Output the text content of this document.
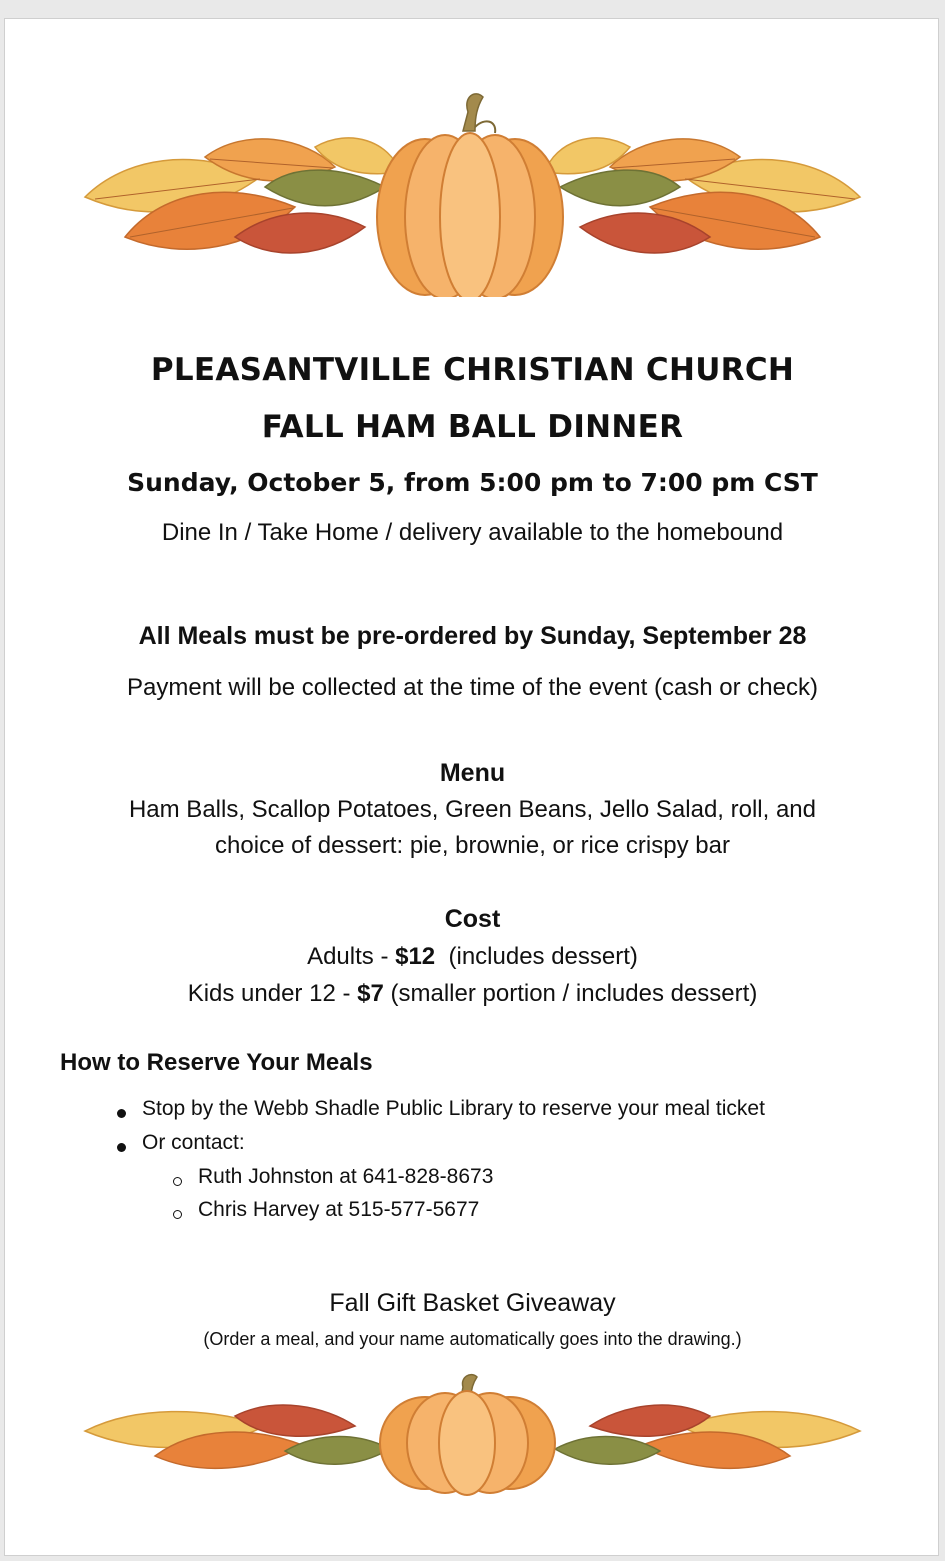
PLEASANTVILLE CHRISTIAN CHURCH
FALL HAM BALL DINNER
Sunday, October 5, from 5:00 pm to 7:00 pm CST
Dine In / Take Home / delivery available to the homebound
All Meals must be pre-ordered by Sunday, September 28
Payment will be collected at the time of the event (cash or check)
Menu
Ham Balls, Scallop Potatoes, Green Beans, Jello Salad, roll, and
choice of dessert: pie, brownie, or rice crispy bar
Cost
Adults - $12  (includes dessert)
Kids under 12 - $7 (smaller portion / includes dessert)
How to Reserve Your Meals
Stop by the Webb Shadle Public Library to reserve your meal ticket
Or contact:
Ruth Johnston at 641-828-8673
Chris Harvey at 515-577-5677
Fall Gift Basket Giveaway
(Order a meal, and your name automatically goes into the drawing.)
